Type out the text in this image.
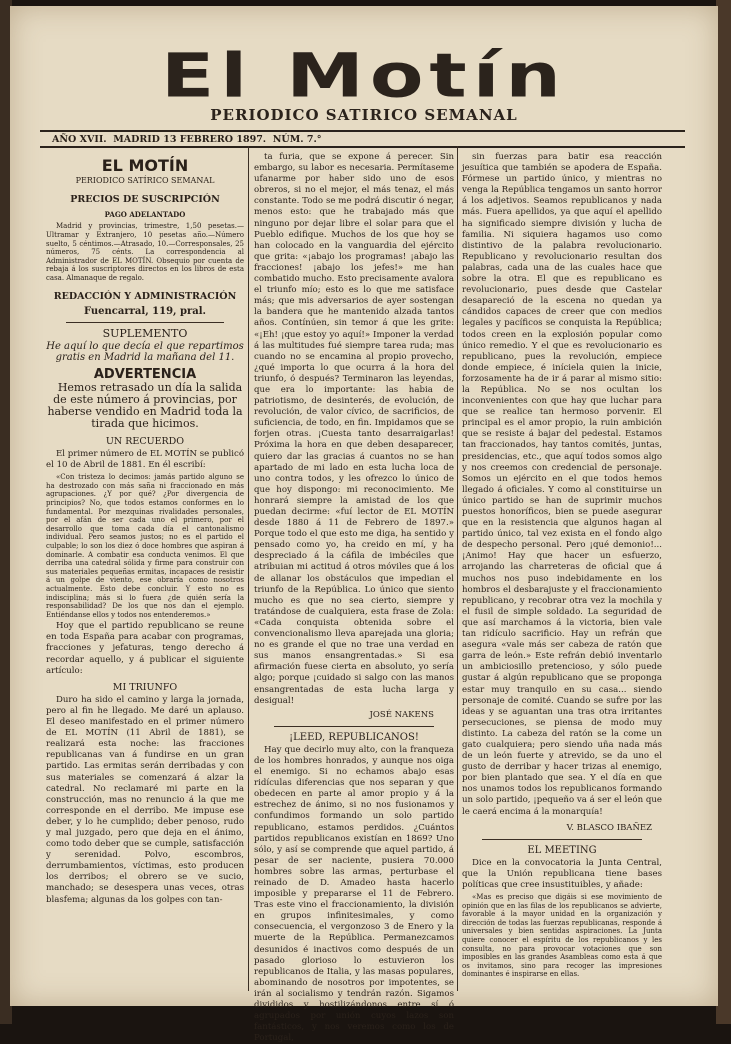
El Motín
PERIODICO SATIRICO SEMANAL
AÑO XVII. MADRID 13 FEBRERO 1897. NÚM. 7.°
EL MOTÍN
PERIODICO SATÍRICO SEMANAL
PRECIOS DE SUSCRIPCIÓN
PAGO ADELANTADO

Madrid y provincias, trimestre, 1,50 pesetas.—Ultramar y Extranjero, 10 pesetas año.—Número suelto, 5 céntimos.—Atrasado, 10.—Corresponsales, 25 números, 75 cénts. La correspondencia al Administrador de EL MOTÍN. Obsequio por cuenta de rebaja á los suscriptores directos en los libros de esta casa. Almanaque de regalo.

REDACCIÓN Y ADMINISTRACIÓN
Fuencarral, 119, pral.
SUPLEMENTO

He aquí lo que decía el que repartimos gratis en Madrid la mañana del 11.

ADVERTENCIA

Hemos retrasado un día la salida de este número á provincias, por haberse vendido en Madrid toda la tirada que hicimos.

UN RECUERDO

El primer número de EL MOTÍN se publicó el 10 de Abril de 1881. En él escribí:

«Con tristeza lo decimos: jamás partido alguno se ha destrozado con más saña ni fraccionado en más agrupaciones. ¿Y por qué? ¿Por divergencia de principios? No, que todos estamos conformes en lo fundamental. Por mezquinas rivalidades personales, por el afán de ser cada uno el primero, por el desarrollo que toma cada día el cantonalismo individual. Pero seamos justos; no es el partido el culpable; lo son los diez ó doce hombres que aspiran á dominarle. A combatir esa conducta venimos. El que derriba una catedral sólida y firme para construir con sus materiales pequeñas ermitas, incapaces de resistir á un golpe de viento, ese obraría como nosotros actualmente. Esto debe concluir. Y esto no es indisciplina; más si lo fuera ¿de quién sería la responsabilidad? De los que nos dan el ejemplo. Entiéndanse ellos y todos nos entenderemos.»

Hoy que el partido republicano se reune en toda España para acabar con programas, fracciones y jefaturas, tengo derecho á recordar aquello, y á publicar el siguiente artículo:

MI TRIUNFO

Duro ha sido el camino y larga la jornada, pero al fin he llegado. Me daré un aplauso. El deseo manifestado en el primer número de EL MOTÍN (11 Abril de 1881), se realizará esta noche: las fracciones republicanas van á fundirse en un gran partido. Las ermitas serán derribadas y con sus materiales se comenzará á alzar la catedral. No reclamaré mi parte en la construcción, mas no renuncio á la que me corresponde en el derribo. Me impuse ese deber, y lo he cumplido; deber penoso, rudo y mal juzgado, pero que deja en el ánimo, como todo deber que se cumple, satisfacción y serenidad. Polvo, escombros, derrumbamientos, víctimas, esto producen los derribos; el obrero se ve sucio, manchado; se desespera unas veces, otras blasfema; algunas da los golpes con tan-

ta furia, que se expone á perecer. Sin embargo, su labor es necesaria. Permítaseme ufanarme por haber sido uno de esos obreros, si no el mejor, el más tenaz, el más constante. Todo se me podrá discutir ó negar, menos esto: que he trabajado más que ninguno por dejar libre el solar para que el Pueblo edifique. Muchos de los que hoy se han colocado en la vanguardia del ejército que grita: «¡abajo los programas! ¡abajo las fracciones! ¡abajo los jefes!» me han combatido mucho. Esto precisamente avalora el triunfo mío; esto es lo que me satisface más; que mis adversarios de ayer sostengan la bandera que he mantenido alzada tantos años. Contínúen, sin temor á que les grite: «¡Eh! ¡que estoy yo aquí!» Imponer la verdad á las multitudes fué siempre tarea ruda; mas cuando no se encamina al propio provecho, ¿qué importa lo que ocurra á la hora del triunfo, ó después? Terminaron las leyendas, que era lo importante: las habia de patriotismo, de desinterés, de evolución, de revolución, de valor cívico, de sacrificios, de suficiencia, de todo, en fin. Impidamos que se forjen otras. ¡Cuesta tanto desarraigarlas! Próxima la hora en que deben desaparecer, quiero dar las gracias á cuantos no se han apartado de mi lado en esta lucha loca de uno contra todos, y les ofrezco lo único de que hoy dispongo: mi reconocimiento. Me honrará siempre la amistad de los que puedan decirme: «fuí lector de EL MOTÍN desde 1880 á 11 de Febrero de 1897.» Porque todo el que esto me diga, ha sentido y pensado como yo, ha creido en mí, y ha despreciado á la cáfila de imbéciles que atribuian mi actitud á otros móviles que á los de allanar los obstáculos que impedian el triunfo de la República. Lo único que siento mucho es que no sea cierto, siempre y tratándose de cualquiera, esta frase de Zola: «Cada conquista obtenida sobre el convencionalismo lleva aparejada una gloria; no es grande el que no trae una verdad en sus manos ensangrentadas.» Si esa afirmación fuese cierta en absoluto, yo sería algo; porque ¡cuidado si salgo con las manos ensangrentadas de esta lucha larga y desigual!

JOSÉ NAKENS
¡LEED, REPUBLICANOS!

Hay que decirlo muy alto, con la franqueza de los hombres honrados, y aunque nos oiga el enemigo. Si no echamos abajo esas ridículas diferencias que nos separan y que obedecen en parte al amor propio y á la estrechez de ánimo, si no nos fusionamos y confundimos formando un solo partido republicano, estamos perdidos. ¿Cuántos partidos republicanos existían en 1869? Uno sólo, y así se comprende que aquel partido, á pesar de ser naciente, pusiera 70.000 hombres sobre las armas, perturbase el reinado de D. Amadeo hasta hacerlo imposible y prepararse el 11 de Febrero. Tras este vino el fraccionamiento, la división en grupos infinitesimales, y como consecuencia, el vergonzoso 3 de Enero y la muerte de la República. Permanezcamos desunidos é inactivos como después de un pasado glorioso lo estuvieron los republicanos de Italia, y las masas populares, abominando de nosotros por impotentes, se irán al socialismo y tendrán razón. Sigamos divididos y hostilizándonos entre sí ó agrupados por unión cuyos lazos son fantásticos, y nos veremos como los de Portugal,

sin fuerzas para batir esa reacción jesuítica que también se apodera de España. Fórmese un partido único, y mientras no venga la República tengamos un santo horror á los adjetivos. Seamos republicanos y nada más. Fuera apellidos, ya que aquí el apellido ha significado siempre división y lucha de familia. Ni siquiera hagamos uso como distintivo de la palabra revolucionario. Republicano y revolucionario resultan dos palabras, cada una de las cuales hace que sobre la otra. El que es republicano es revolucionario, pues desde que Castelar desapareció de la escena no quedan ya cándidos capaces de creer que con medios legales y pacíficos se conquista la República; todos creen en la explosión popular como único remedio. Y el que es revolucionario es republicano, pues la revolución, empiece donde empiece, é iníciela quien la inicie, forzosamente ha de ir á parar al mismo sitio: la República. No se nos ocultan los inconvenientes con que hay que luchar para que se realice tan hermoso porvenir. El principal es el amor propio, la ruin ambición que se resiste á bajar del pedestal. Estamos tan fraccionados, hay tantos comités, juntas, presidencias, etc., que aquí todos somos algo y nos creemos con credencial de personaje. Somos un ejército en el que todos hemos llegado á oficiales. Y como al constituirse un único partido se han de suprimir muchos puestos honoríficos, bien se puede asegurar que en la resistencia que algunos hagan al partido único, tal vez exista en el fondo algo de despecho personal. Pero ¡qué demonio!... ¡Animo! Hay que hacer un esfuerzo, arrojando las charreteras de oficial que á muchos nos puso indebidamente en los hombros el desbarajuste y el fraccionamiento republicano, y recobrar otra vez la mochila y el fusil de simple soldado. La seguridad de que así marchamos á la victoria, bien vale tan ridículo sacrificio. Hay un refrán que asegura «vale más ser cabeza de ratón que garra de león.» Este refrán debió inventarlo un ambiciosillo pretencioso, y sólo puede gustar á algún republicano que se proponga estar muy tranquilo en su casa... siendo personaje de comité. Cuando se sufre por las ideas y se aguantan una tras otra irritantes persecuciones, se piensa de modo muy distinto. La cabeza del ratón se la come un gato cualquiera; pero siendo uña nada más de un león fuerte y atrevido, se da uno el gusto de derribar y hacer trizas al enemigo, por bien plantado que sea. Y el día en que nos unamos todos los republicanos formando un solo partido, ¡pequeño va á ser el león que le caerá encima á la monarquía!

V. BLASCO IBAÑEZ
EL MEETING

Dice en la convocatoria la Junta Central, que la Unión republicana tiene bases políticas que cree insustituibles, y añade:

«Mas es preciso que digáis si ese movimiento de opinión que en las filas de los republicanos se advierte, favorable á la mayor unidad en la organización y dirección de todas las fuerzas republicanas, responde á universales y bien sentidas aspiraciones. La Junta quiere conocer el espíritu de los republicanos y les consulta, no para provocar votaciones que son imposibles en las grandes Asambleas como esta á que os invitamos, sino para recoger las impresiones dominantes é inspirarse en ellas.
